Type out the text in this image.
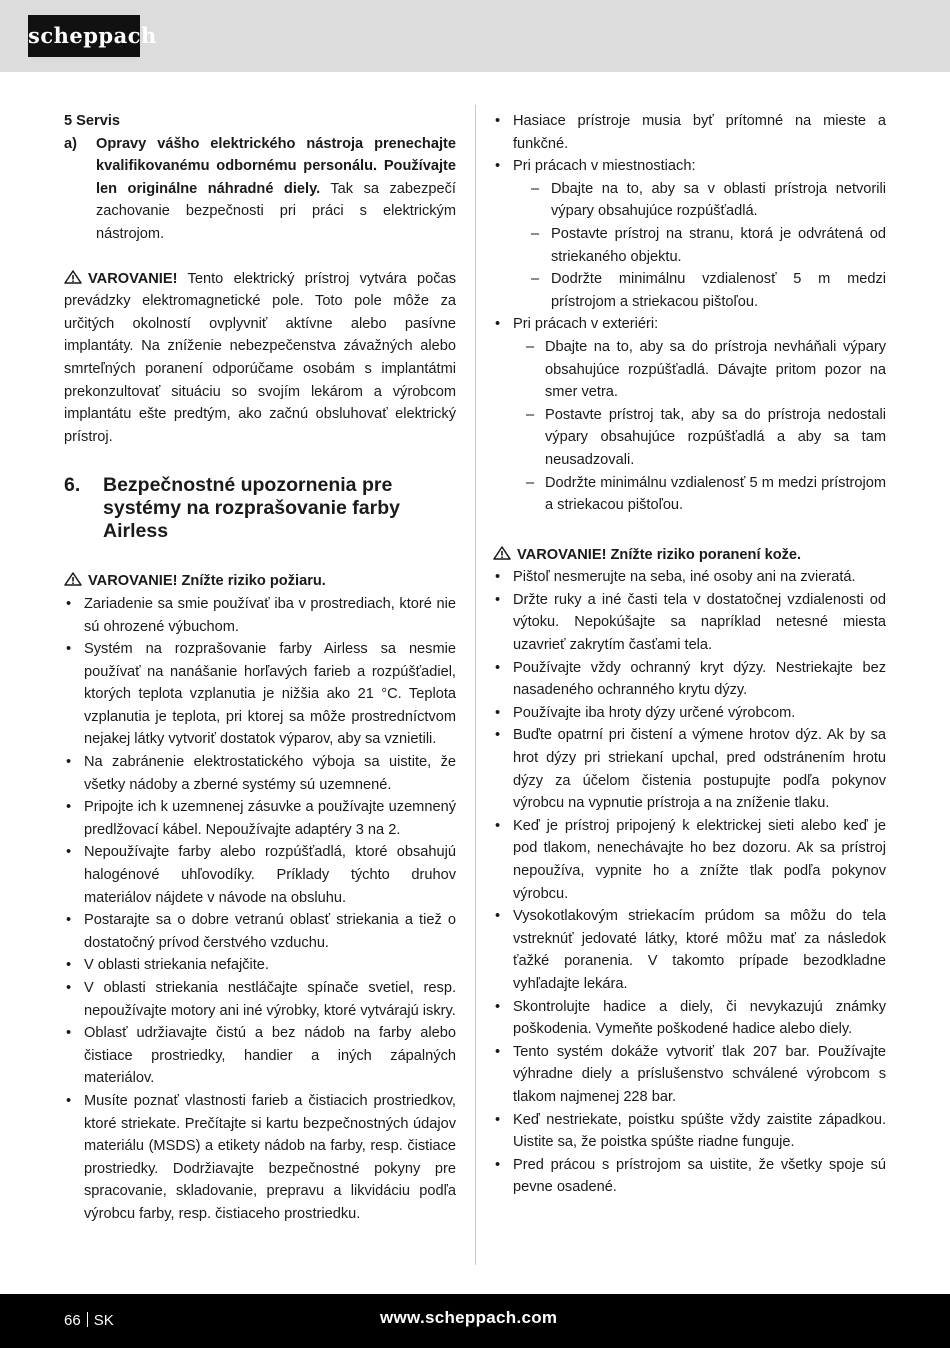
scheppach
5 Servis
a) Opravy vášho elektrického nástroja prenechajte kvalifikovanému odbornému personálu. Používajte len originálne náhradné diely. Tak sa zabezpečí zachovanie bezpečnosti pri práci s elektrickým nástrojom.
VAROVANIE! Tento elektrický prístroj vytvára počas prevádzky elektromagnetické pole. Toto pole môže za určitých okolností ovplyvniť aktívne alebo pasívne implantáty. Na zníženie nebezpečenstva závažných alebo smrteľných poranení odporúčame osobám s implantátmi prekonzultovať situáciu so svojím lekárom a výrobcom implantátu ešte predtým, ako začnú obsluhovať elektrický prístroj.
6. Bezpečnostné upozornenia pre systémy na rozprašovanie farby Airless
VAROVANIE! Znížte riziko požiaru.
• Zariadenie sa smie používať iba v prostrediach, ktoré nie sú ohrozené výbuchom.
• Systém na rozprašovanie farby Airless sa nesmie používať na nanášanie horľavých farieb a rozpúšťadiel, ktorých teplota vzplanutia je nižšia ako 21 °C. Teplota vzplanutia je teplota, pri ktorej sa môže prostredníctvom nejakej látky vytvoriť dostatok výparov, aby sa vznietili.
• Na zabránenie elektrostatického výboja sa uistite, že všetky nádoby a zberné systémy sú uzemnené.
• Pripojte ich k uzemnenej zásuvke a používajte uzemnený predlžovací kábel. Nepoužívajte adaptéry 3 na 2.
• Nepoužívajte farby alebo rozpúšťadlá, ktoré obsahujú halogénové uhľovodíky. Príklady týchto druhov materiálov nájdete v návode na obsluhu.
• Postarajte sa o dobre vetranú oblasť striekania a tiež o dostatočný prívod čerstvého vzduchu.
• V oblasti striekania nefajčite.
• V oblasti striekania nestláčajte spínače svetiel, resp. nepoužívajte motory ani iné výrobky, ktoré vytvárajú iskry.
• Oblasť udržiavajte čistú a bez nádob na farby alebo čistiace prostriedky, handier a iných zápalných materiálov.
• Musíte poznať vlastnosti farieb a čistiacich prostriedkov, ktoré striekate. Prečítajte si kartu bezpečnostných údajov materiálu (MSDS) a etikety nádob na farby, resp. čistiace prostriedky. Dodržiavajte bezpečnostné pokyny pre spracovanie, skladovanie, prepravu a likvidáciu podľa výrobcu farby, resp. čistiaceho prostriedku.
• Hasiace prístroje musia byť prítomné na mieste a funkčné.
• Pri prácach v miestnostiach:
– Dbajte na to, aby sa v oblasti prístroja netvorili výpary obsahujúce rozpúšťadlá.
– Postavte prístroj na stranu, ktorá je odvrátená od striekaného objektu.
– Dodržte minimálnu vzdialenosť 5 m medzi prístrojom a striekacou pištoľou.
• Pri prácach v exteriéri:
– Dbajte na to, aby sa do prístroja nevháňali výpary obsahujúce rozpúšťadlá. Dávajte pritom pozor na smer vetra.
– Postavte prístroj tak, aby sa do prístroja nedostali výpary obsahujúce rozpúšťadlá a aby sa tam neusadzovali.
– Dodržte minimálnu vzdialenosť 5 m medzi prístrojom a striekacou pištoľou.
VAROVANIE! Znížte riziko poranení kože.
• Pištoľ nesmerujte na seba, iné osoby ani na zvieratá.
• Držte ruky a iné časti tela v dostatočnej vzdialenosti od výtoku. Nepokúšajte sa napríklad netesné miesta uzavrieť zakrytím časťami tela.
• Používajte vždy ochranný kryt dýzy. Nestriekajte bez nasadeného ochranného krytu dýzy.
• Používajte iba hroty dýzy určené výrobcom.
• Buďte opatrní pri čistení a výmene hrotov dýz. Ak by sa hrot dýzy pri striekaní upchal, pred odstránením hrotu dýzy za účelom čistenia postupujte podľa pokynov výrobcu na vypnutie prístroja a na zníženie tlaku.
• Keď je prístroj pripojený k elektrickej sieti alebo keď je pod tlakom, nenechávajte ho bez dozoru. Ak sa prístroj nepoužíva, vypnite ho a znížte tlak podľa pokynov výrobcu.
• Vysokotlakovým striekacím prúdom sa môžu do tela vstreknúť jedovaté látky, ktoré môžu mať za následok ťažké poranenia. V takomto prípade bezodkladne vyhľadajte lekára.
• Skontrolujte hadice a diely, či nevykazujú známky poškodenia. Vymeňte poškodené hadice alebo diely.
• Tento systém dokáže vytvoriť tlak 207 bar. Používajte výhradne diely a príslušenstvo schválené výrobcom s tlakom najmenej 228 bar.
• Keď nestriekate, poistku spúšte vždy zaistite západkou. Uistite sa, že poistka spúšte riadne funguje.
• Pred prácou s prístrojom sa uistite, že všetky spoje sú pevne osadené.
66 SK	www.scheppach.com
